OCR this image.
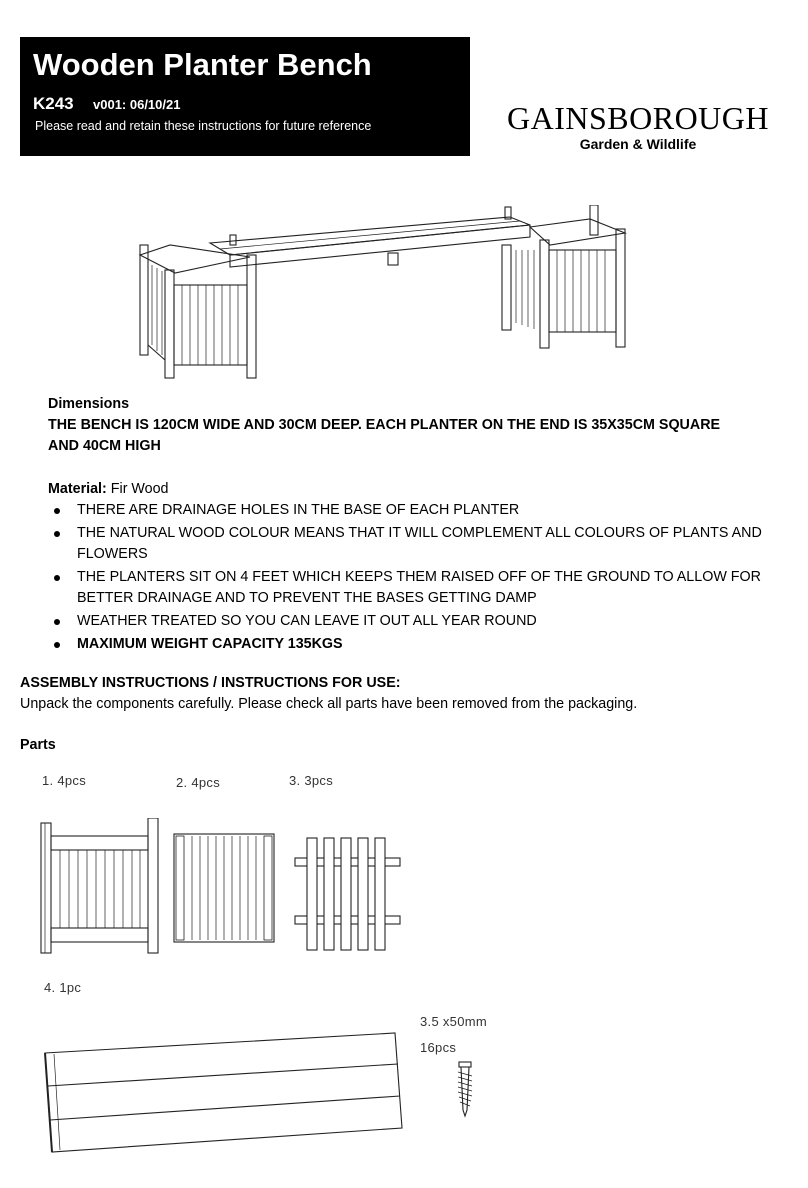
Wooden Planter Bench
K243 v001: 06/10/21
Please read and retain these instructions for future reference	GAINSBOROUGH
Garden & Wildlife
Dimensions
THE BENCH IS 120CM WIDE AND 30CM DEEP. EACH PLANTER ON THE END IS 35X35CM SQUARE AND 40CM HIGH
Material: Fir Wood
THERE ARE DRAINAGE HOLES IN THE BASE OF EACH PLANTER
THE NATURAL WOOD COLOUR MEANS THAT IT WILL COMPLEMENT ALL COLOURS OF PLANTS AND FLOWERS
THE PLANTERS SIT ON 4 FEET WHICH KEEPS THEM RAISED OFF OF THE GROUND TO ALLOW FOR BETTER DRAINAGE AND TO PREVENT THE BASES GETTING DAMP
WEATHER TREATED SO YOU CAN LEAVE IT OUT ALL YEAR ROUND
MAXIMUM WEIGHT CAPACITY 135KGS
ASSEMBLY INSTRUCTIONS / INSTRUCTIONS FOR USE:
Unpack the components carefully. Please check all parts have been removed from the packaging.
Parts
1. 4pcs	2. 4pcs	3. 3pcs
4. 1pc
3.5 x50mm
16pcs
